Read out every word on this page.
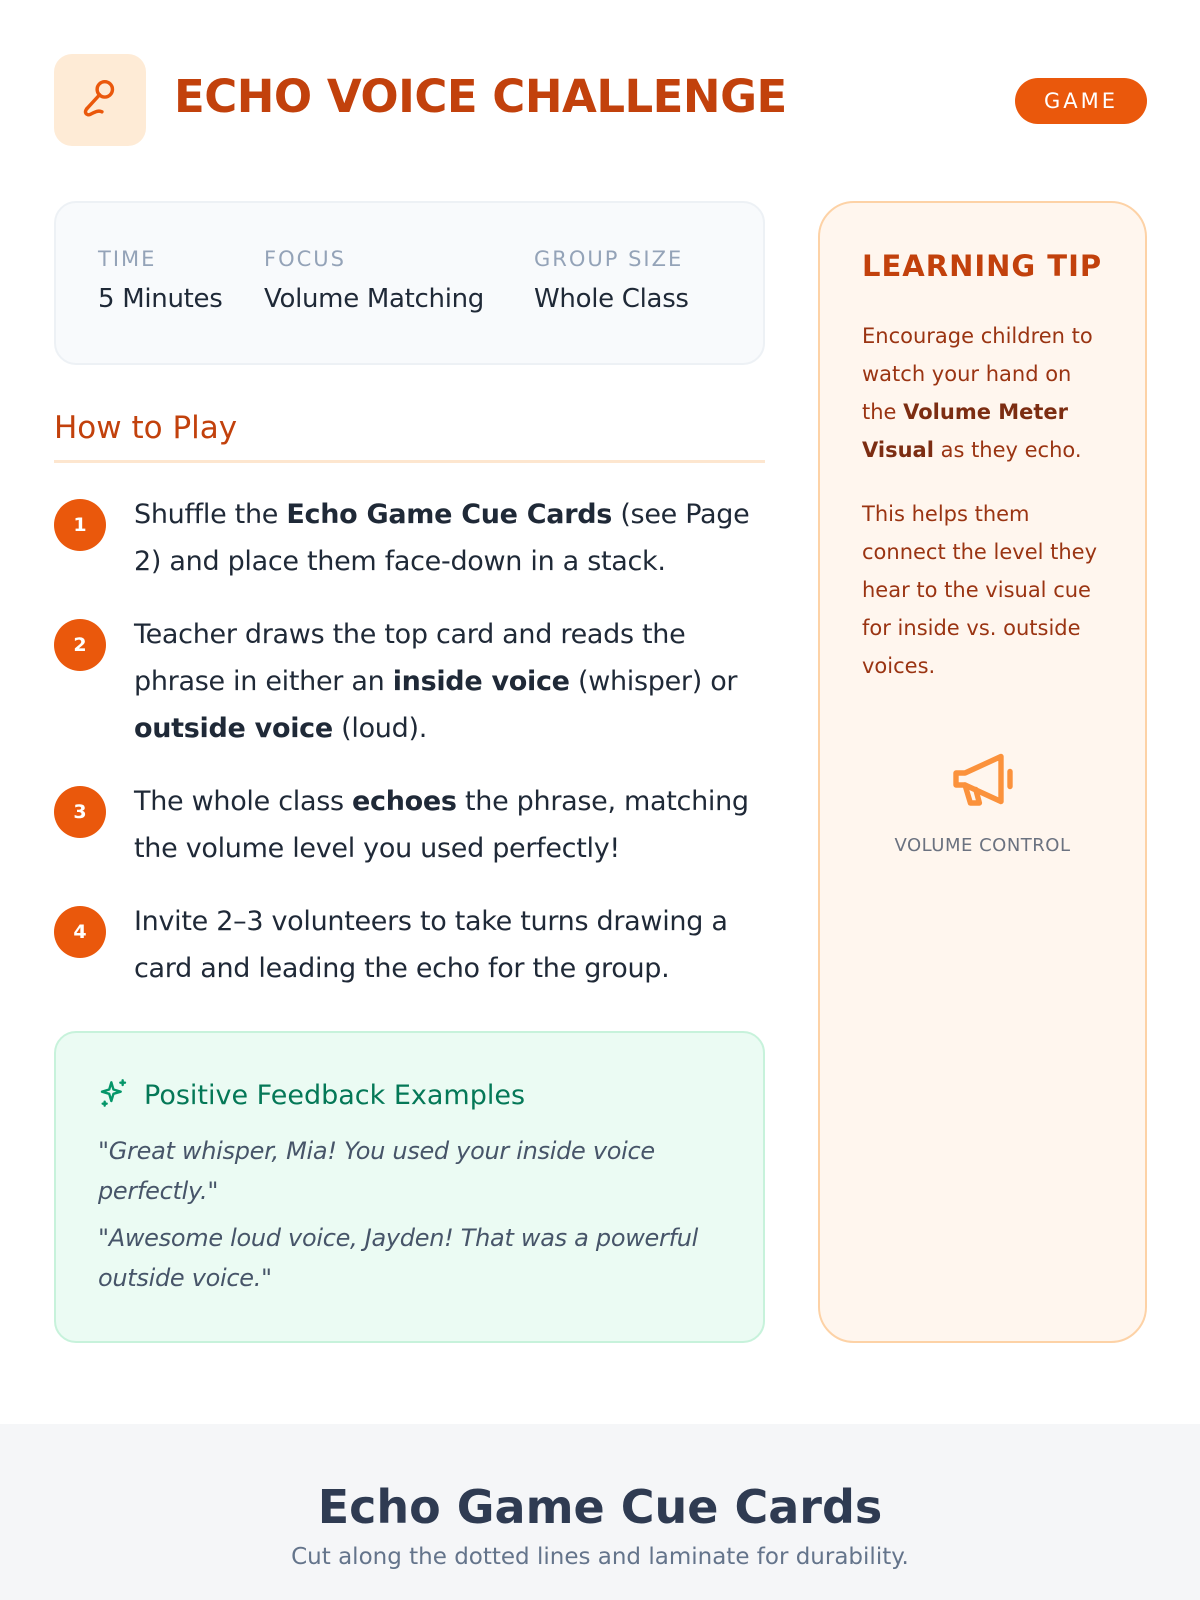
ECHO VOICE CHALLENGE	GAME
TIME
5 Minutes
FOCUS
Volume Matching
GROUP SIZE
Whole Class
How to Play
1	Shuffle the Echo Game Cue Cards (see Page 2) and place them face-down in a stack.
2	Teacher draws the top card and reads the phrase in either an inside voice (whisper) or outside voice (loud).
3	The whole class echoes the phrase, matching the volume level you used perfectly!
4	Invite 2–3 volunteers to take turns drawing a card and leading the echo for the group.
Positive Feedback Examples
"Great whisper, Mia! You used your inside voice perfectly."
"Awesome loud voice, Jayden! That was a powerful outside voice."
LEARNING TIP
Encourage children to watch your hand on the Volume Meter Visual as they echo.
This helps them connect the level they hear to the visual cue for inside vs. outside voices.
VOLUME CONTROL
Echo Game Cue Cards
Cut along the dotted lines and laminate for durability.
